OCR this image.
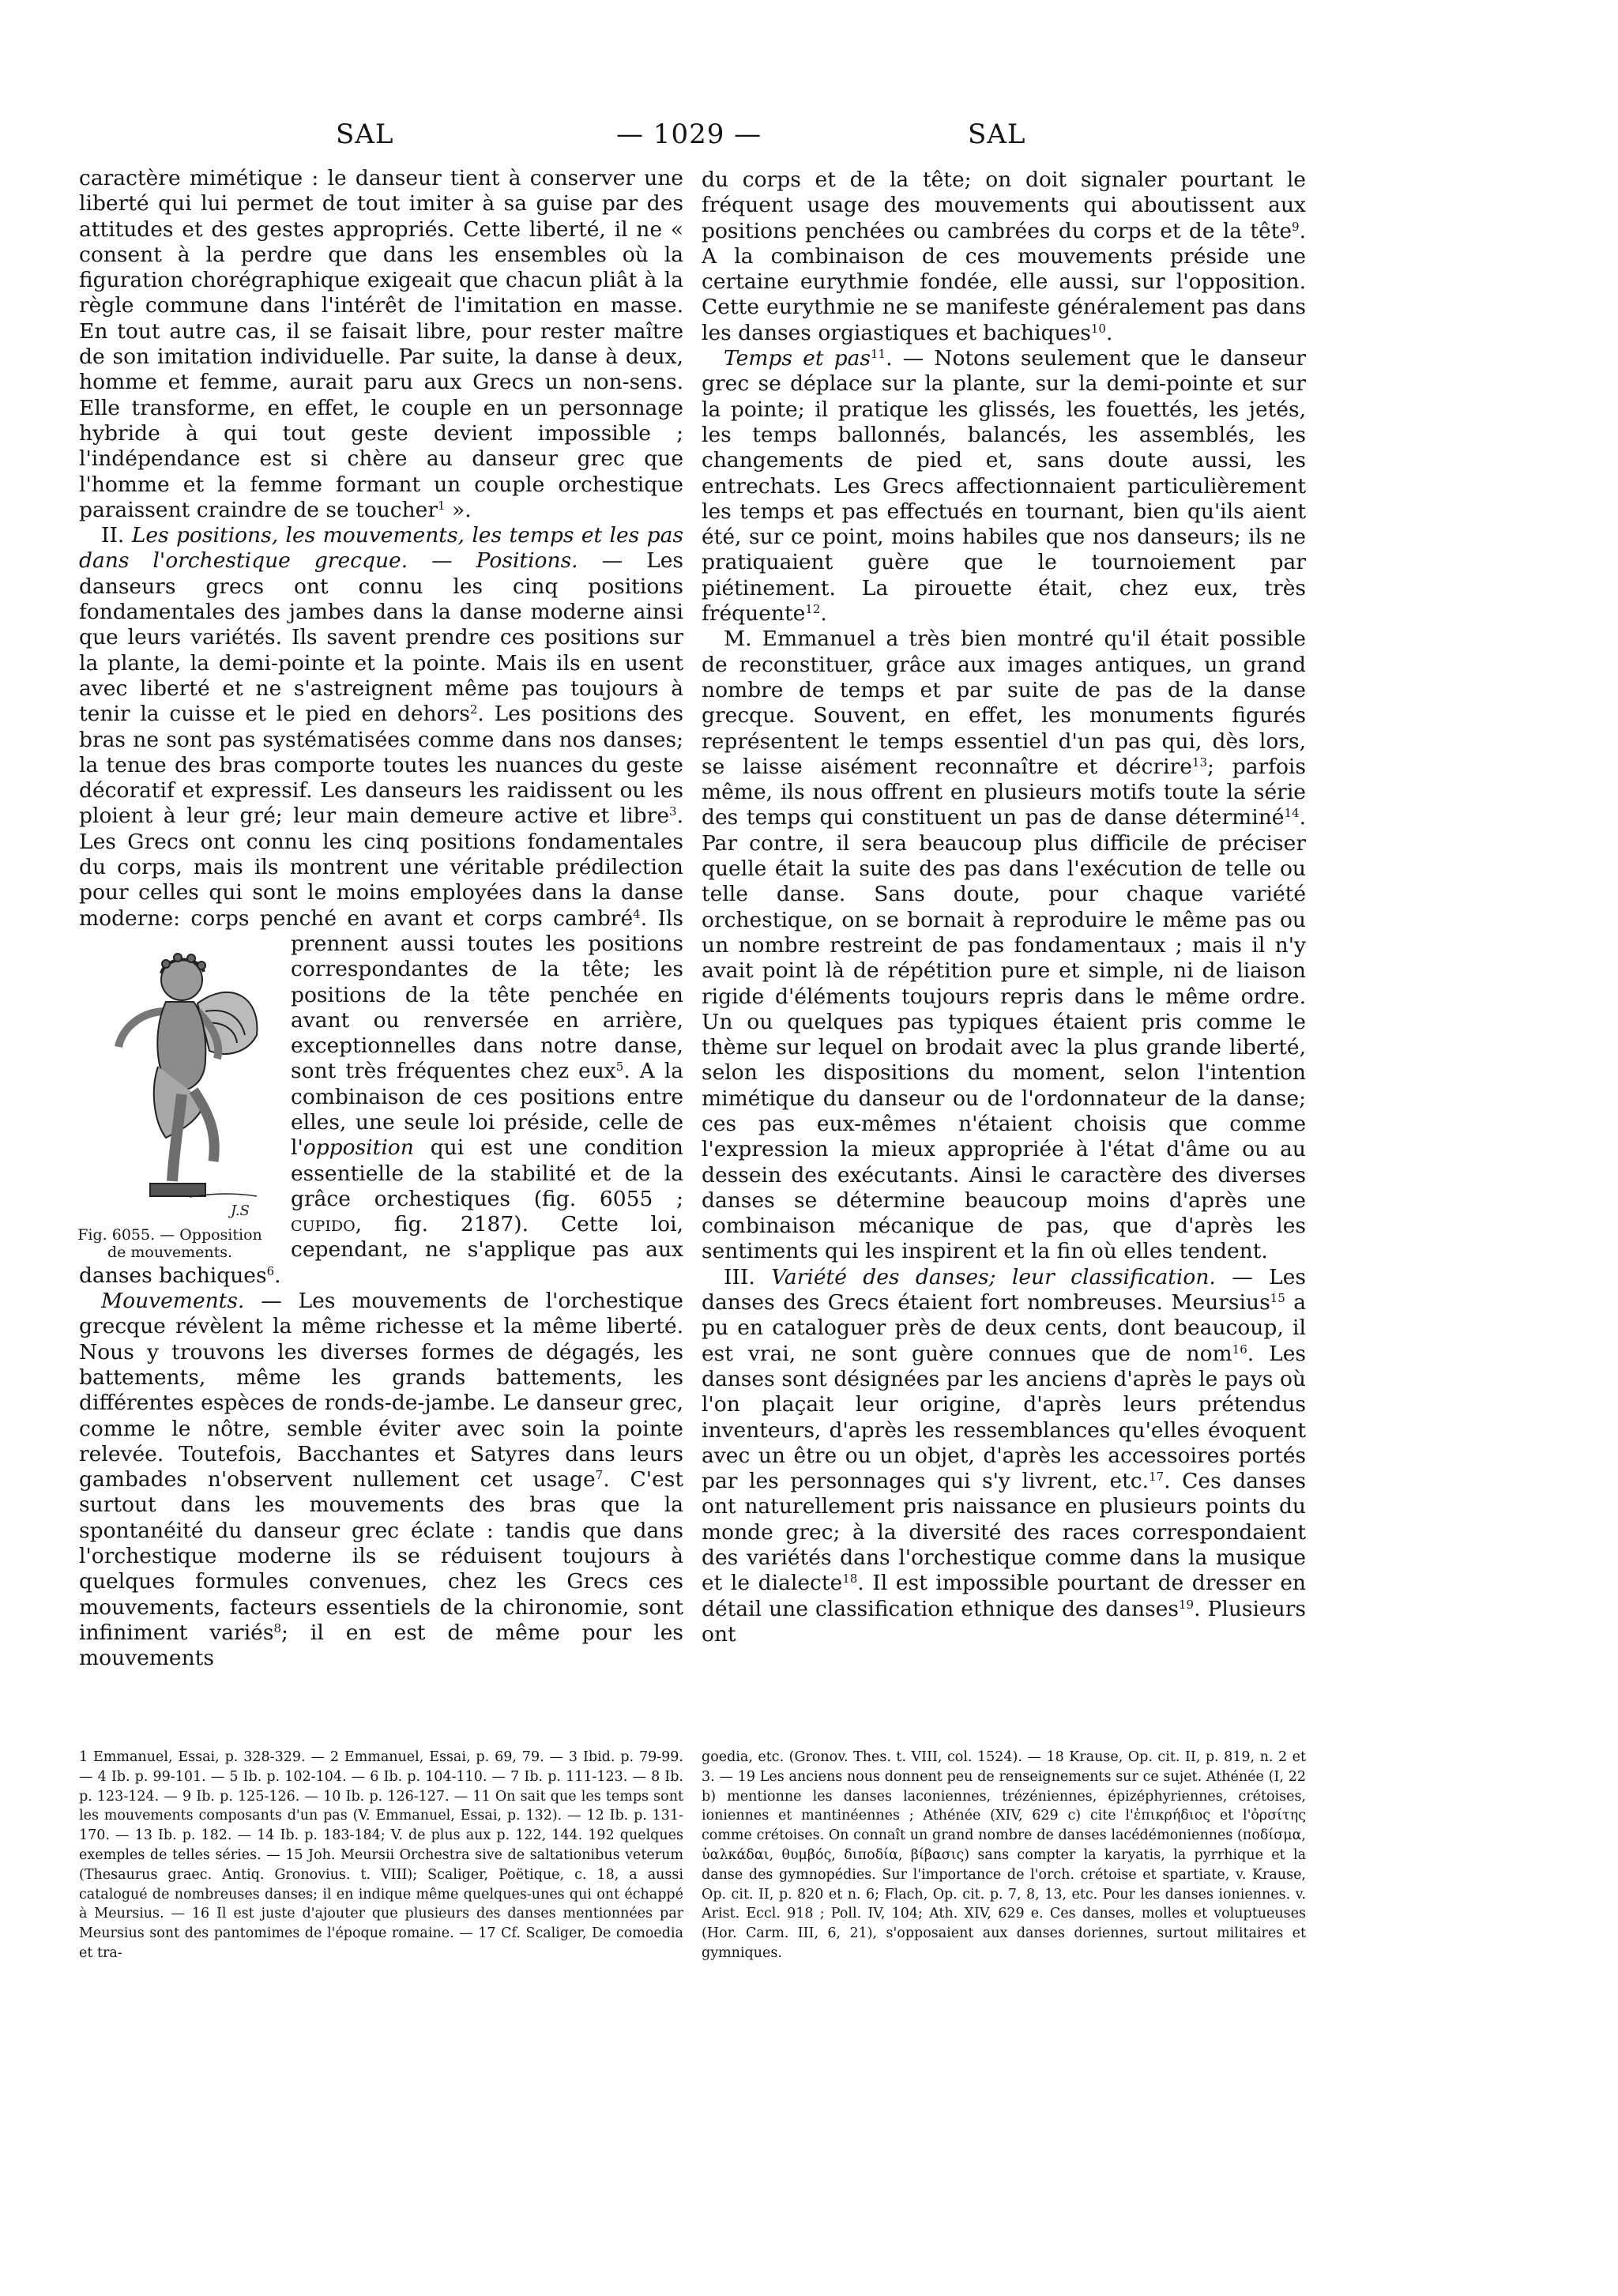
SAL	— 1029 —	SAL

caractère mimétique : le danseur tient à conserver une liberté qui lui permet de tout imiter à sa guise par des attitudes et des gestes appropriés. Cette liberté, il ne « consent à la perdre que dans les ensembles où la figuration chorégraphique exigeait que chacun pliât à la règle commune dans l'intérêt de l'imitation en masse. En tout autre cas, il se faisait libre, pour rester maître de son imitation individuelle. Par suite, la danse à deux, homme et femme, aurait paru aux Grecs un non-sens. Elle transforme, en effet, le couple en un personnage hybride à qui tout geste devient impossible ; l'indépendance est si chère au danseur grec que l'homme et la femme formant un couple orchestique paraissent craindre de se toucher$^1$ ».

II. Les positions, les mouvements, les temps et les pas dans l'orchestique grecque. — Positions. — Les danseurs grecs ont connu les cinq positions fondamentales des jambes dans la danse moderne ainsi que leurs variétés. Ils savent prendre ces positions sur la plante, la demi-pointe et la pointe. Mais ils en usent avec liberté et ne s'astreignent même pas toujours à tenir la cuisse et le pied en dehors$^2$. Les positions des bras ne sont pas systématisées comme dans nos danses; la tenue des bras comporte toutes les nuances du geste décoratif et expressif. Les danseurs les raidissent ou les ploient à leur gré; leur main demeure active et libre$^3$. Les Grecs ont connu les cinq positions fondamentales du corps, mais ils montrent une véritable prédilection pour celles qui sont le moins employées dans la danse moderne: corps penché en avant et corps cambré
$^4$. Ils prennent aussi toutes les positions correspondantes de la tête; les positions de la tête penchée en avant ou renversée en arrière, exceptionnelles dans notre danse, sont très fréquentes chez eux$^5$. A la combinaison de ces positions entre elles, une seule loi préside, celle de l'opposition qui est une condition essentielle de la stabilité et de la grâce orchestiques (fig. 6055 ; cupido, fig. 2187). Cette loi, cependant, ne s'applique pas aux danses bachiques$^6$.

Mouvements. — Les mouvements de l'orchestique grecque révèlent la même richesse et la même liberté. Nous y trouvons les diverses formes de dégagés, les battements, même les grands battements, les différentes espèces de ronds-de-jambe. Le danseur grec, comme le nôtre, semble éviter avec soin la pointe relevée. Toutefois, Bacchantes et Satyres dans leurs gambades n'observent nullement cet usage$^7$. C'est surtout dans les mouvements des bras que la spontanéité du danseur grec éclate : tandis que dans l'orchestique moderne ils se réduisent toujours à quelques formules convenues, chez les Grecs ces mouvements, facteurs essentiels de la chironomie, sont infiniment variés$^8$; il en est de même pour les mouvements

J.S
Fig. 6055. — Opposition de mouvements.

du corps et de la tête; on doit signaler pourtant le fréquent usage des mouvements qui aboutissent aux positions penchées ou cambrées du corps et de la tête$^9$. A la combinaison de ces mouvements préside une certaine eurythmie fondée, elle aussi, sur l'opposition. Cette eurythmie ne se manifeste généralement pas dans les danses orgiastiques et bachiques$^{10}$.

Temps et pas$^{11}$. — Notons seulement que le danseur grec se déplace sur la plante, sur la demi-pointe et sur la pointe; il pratique les glissés, les fouettés, les jetés, les temps ballonnés, balancés, les assemblés, les changements de pied et, sans doute aussi, les entrechats. Les Grecs affectionnaient particulièrement les temps et pas effectués en tournant, bien qu'ils aient été, sur ce point, moins habiles que nos danseurs; ils ne pratiquaient guère que le tournoiement par piétinement. La pirouette était, chez eux, très fréquente$^{12}$.

M. Emmanuel a très bien montré qu'il était possible de reconstituer, grâce aux images antiques, un grand nombre de temps et par suite de pas de la danse grecque. Souvent, en effet, les monuments figurés représentent le temps essentiel d'un pas qui, dès lors, se laisse aisément reconnaître et décrire$^{13}$; parfois même, ils nous offrent en plusieurs motifs toute la série des temps qui constituent un pas de danse déterminé$^{14}$. Par contre, il sera beaucoup plus difficile de préciser quelle était la suite des pas dans l'exécution de telle ou telle danse. Sans doute, pour chaque variété orchestique, on se bornait à reproduire le même pas ou un nombre restreint de pas fondamentaux ; mais il n'y avait point là de répétition pure et simple, ni de liaison rigide d'éléments toujours repris dans le même ordre. Un ou quelques pas typiques étaient pris comme le thème sur lequel on brodait avec la plus grande liberté, selon les dispositions du moment, selon l'intention mimétique du danseur ou de l'ordonnateur de la danse; ces pas eux-mêmes n'étaient choisis que comme l'expression la mieux appropriée à l'état d'âme ou au dessein des exécutants. Ainsi le caractère des diverses danses se détermine beaucoup moins d'après une combinaison mécanique de pas, que d'après les sentiments qui les inspirent et la fin où elles tendent.

III. Variété des danses; leur classification. — Les danses des Grecs étaient fort nombreuses. Meursius$^{15}$ a pu en cataloguer près de deux cents, dont beaucoup, il est vrai, ne sont guère connues que de nom$^{16}$. Les danses sont désignées par les anciens d'après le pays où l'on plaçait leur origine, d'après leurs prétendus inventeurs, d'après les ressemblances qu'elles évoquent avec un être ou un objet, d'après les accessoires portés par les personnages qui s'y livrent, etc.$^{17}$. Ces danses ont naturellement pris naissance en plusieurs points du monde grec; à la diversité des races correspondaient des variétés dans l'orchestique comme dans la musique et le dialecte$^{18}$. Il est impossible pourtant de dresser en détail une classification ethnique des danses$^{19}$. Plusieurs ont

1 Emmanuel, Essai, p. 328-329. — 2 Emmanuel, Essai, p. 69, 79. — 3 Ibid. p. 79-99. — 4 Ib. p. 99-101. — 5 Ib. p. 102-104. — 6 Ib. p. 104-110. — 7 Ib. p. 111-123. — 8 Ib. p. 123-124. — 9 Ib. p. 125-126. — 10 Ib. p. 126-127. — 11 On sait que les temps sont les mouvements composants d'un pas (V. Emmanuel, Essai, p. 132). — 12 Ib. p. 131-170. — 13 Ib. p. 182. — 14 Ib. p. 183-184; V. de plus aux p. 122, 144. 192 quelques exemples de telles séries. — 15 Joh. Meursii Orchestra sive de saltationibus veterum (Thesaurus graec. Antiq. Gronovius. t. VIII); Scaliger, Poëtique, c. 18, a aussi catalogué de nombreuses danses; il en indique même quelques-unes qui ont échappé à Meursius. — 16 Il est juste d'ajouter que plusieurs des danses mentionnées par Meursius sont des pantomimes de l'époque romaine. — 17 Cf. Scaliger, De comoedia et tra-

goedia, etc. (Gronov. Thes. t. VIII, col. 1524). — 18 Krause, Op. cit. II, p. 819, n. 2 et 3. — 19 Les anciens nous donnent peu de renseignements sur ce sujet. Athénée (I, 22 b) mentionne les danses laconiennes, trézéniennes, épizéphyriennes, crétoises, ioniennes et mantinéennes ; Athénée (XIV, 629 c) cite l'ἐπικρήδιος et l'ὀρσίτης comme crétoises. On connaît un grand nombre de danses lacédémoniennes (ποδίσμα, ὑαλκάδαι, θυμβός, διποδία, βίβασις) sans compter la karyatis, la pyrrhique et la danse des gymnopédies. Sur l'importance de l'orch. crétoise et spartiate, v. Krause, Op. cit. II, p. 820 et n. 6; Flach, Op. cit. p. 7, 8, 13, etc. Pour les danses ioniennes. v. Arist. Eccl. 918 ; Poll. IV, 104; Ath. XIV, 629 e. Ces danses, molles et voluptueuses (Hor. Carm. III, 6, 21), s'opposaient aux danses doriennes, surtout militaires et gymniques.
